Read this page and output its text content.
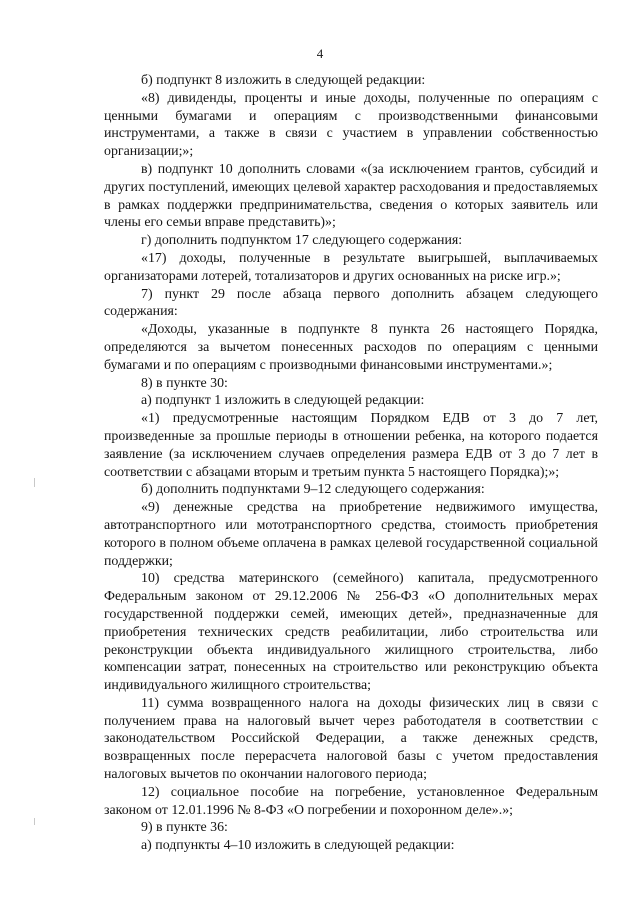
4

б) подпункт 8 изложить в следующей редакции:

«8) дивиденды, проценты и иные доходы, полученные по операциям с ценными бумагами и операциям с производственными финансовыми инструментами, а также в связи с участием в управлении собственностью организации;»;

в) подпункт 10 дополнить словами «(за исключением грантов, субсидий и других поступлений, имеющих целевой характер расходования и предоставляемых в рамках поддержки предпринимательства, сведения о которых заявитель или члены его семьи вправе представить)»;

г) дополнить подпунктом 17 следующего содержания:

«17) доходы, полученные в результате выигрышей, выплачиваемых организаторами лотерей, тотализаторов и других основанных на риске игр.»;

7) пункт 29 после абзаца первого дополнить абзацем следующего содержания:

«Доходы, указанные в подпункте 8 пункта 26 настоящего Порядка, определяются за вычетом понесенных расходов по операциям с ценными бумагами и по операциям с производными финансовыми инструментами.»;

8) в пункте 30:

а) подпункт 1 изложить в следующей редакции:

«1) предусмотренные настоящим Порядком ЕДВ от 3 до 7 лет, произведенные за прошлые периоды в отношении ребенка, на которого подается заявление (за исключением случаев определения размера ЕДВ от 3 до 7 лет в соответствии с абзацами вторым и третьим пункта 5 настоящего Порядка);»;

б) дополнить подпунктами 9–12 следующего содержания:

«9) денежные средства на приобретение недвижимого имущества, автотранспортного или мототранспортного средства, стоимость приобретения которого в полном объеме оплачена в рамках целевой государственной социальной поддержки;

10) средства материнского (семейного) капитала, предусмотренного Федеральным законом от 29.12.2006 № 256-ФЗ «О дополнительных мерах государственной поддержки семей, имеющих детей», предназначенные для приобретения технических средств реабилитации, либо строительства или реконструкции объекта индивидуального жилищного строительства, либо компенсации затрат, понесенных на строительство или реконструкцию объекта индивидуального жилищного строительства;

11) сумма возвращенного налога на доходы физических лиц в связи с получением права на налоговый вычет через работодателя в соответствии с законодательством Российской Федерации, а также денежных средств, возвращенных после перерасчета налоговой базы с учетом предоставления налоговых вычетов по окончании налогового периода;

12) социальное пособие на погребение, установленное Федеральным законом от 12.01.1996 № 8-ФЗ «О погребении и похоронном деле».»;

9) в пункте 36:

а) подпункты 4–10 изложить в следующей редакции:
